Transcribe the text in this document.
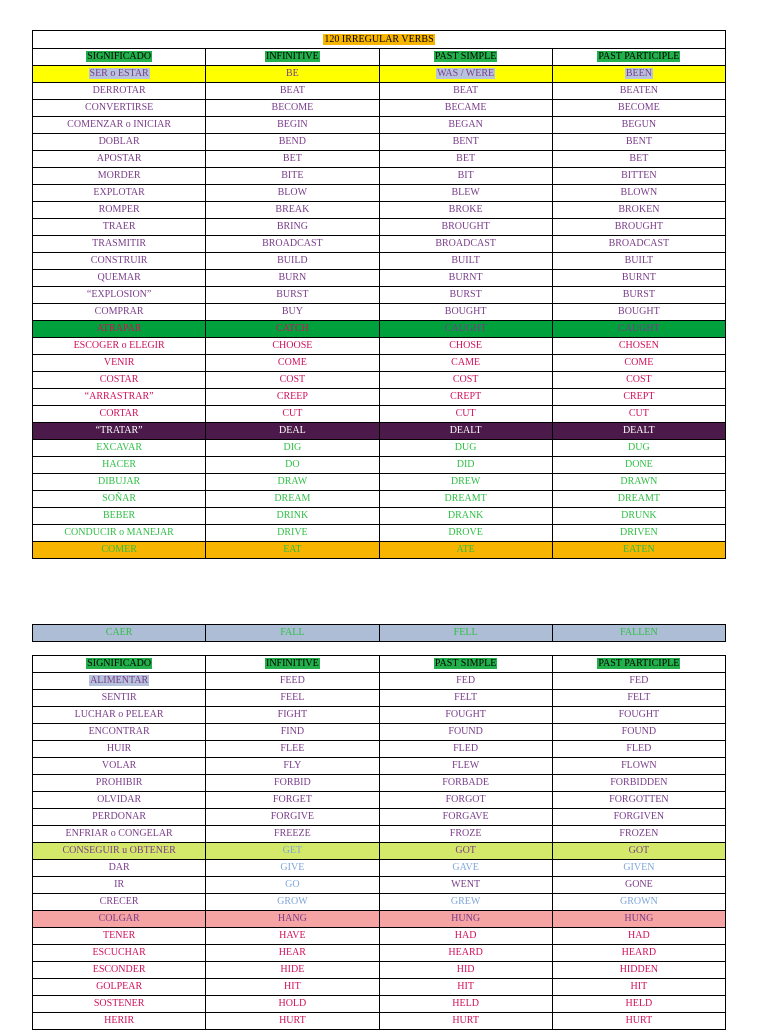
120 IRREGULAR VERBS			
SIGNIFICADO	INFINITIVE	PAST SIMPLE	PAST PARTICIPLE
SER o ESTAR	BE	WAS / WERE	BEEN
DERROTAR	BEAT	BEAT	BEATEN
CONVERTIRSE	BECOME	BECAME	BECOME
COMENZAR o INICIAR	BEGIN	BEGAN	BEGUN
DOBLAR	BEND	BENT	BENT
APOSTAR	BET	BET	BET
MORDER	BITE	BIT	BITTEN
EXPLOTAR	BLOW	BLEW	BLOWN
ROMPER	BREAK	BROKE	BROKEN
TRAER	BRING	BROUGHT	BROUGHT
TRASMITIR	BROADCAST	BROADCAST	BROADCAST
CONSTRUIR	BUILD	BUILT	BUILT
QUEMAR	BURN	BURNT	BURNT
“EXPLOSION”	BURST	BURST	BURST
COMPRAR	BUY	BOUGHT	BOUGHT
ATRAPAR	CATCH	CAUGHT	CAUGHT
ESCOGER o ELEGIR	CHOOSE	CHOSE	CHOSEN
VENIR	COME	CAME	COME
COSTAR	COST	COST	COST
“ARRASTRAR”	CREEP	CREPT	CREPT
CORTAR	CUT	CUT	CUT
“TRATAR”	DEAL	DEALT	DEALT
EXCAVAR	DIG	DUG	DUG
HACER	DO	DID	DONE
DIBUJAR	DRAW	DREW	DRAWN
SOÑAR	DREAM	DREAMT	DREAMT
BEBER	DRINK	DRANK	DRUNK
CONDUCIR o MANEJAR	DRIVE	DROVE	DRIVEN
COMER	EAT	ATE	EATEN
CAER	FALL	FELL	FALLEN
SIGNIFICADO	INFINITIVE	PAST SIMPLE	PAST PARTICIPLE
ALIMENTAR	FEED	FED	FED
SENTIR	FEEL	FELT	FELT
LUCHAR o PELEAR	FIGHT	FOUGHT	FOUGHT
ENCONTRAR	FIND	FOUND	FOUND
HUIR	FLEE	FLED	FLED
VOLAR	FLY	FLEW	FLOWN
PROHIBIR	FORBID	FORBADE	FORBIDDEN
OLVIDAR	FORGET	FORGOT	FORGOTTEN
PERDONAR	FORGIVE	FORGAVE	FORGIVEN
ENFRIAR o CONGELAR	FREEZE	FROZE	FROZEN
CONSEGUIR u OBTENER	GET	GOT	GOT
DAR	GIVE	GAVE	GIVEN
IR	GO	WENT	GONE
CRECER	GROW	GREW	GROWN
COLGAR	HANG	HUNG	HUNG
TENER	HAVE	HAD	HAD
ESCUCHAR	HEAR	HEARD	HEARD
ESCONDER	HIDE	HID	HIDDEN
GOLPEAR	HIT	HIT	HIT
SOSTENER	HOLD	HELD	HELD
HERIR	HURT	HURT	HURT
